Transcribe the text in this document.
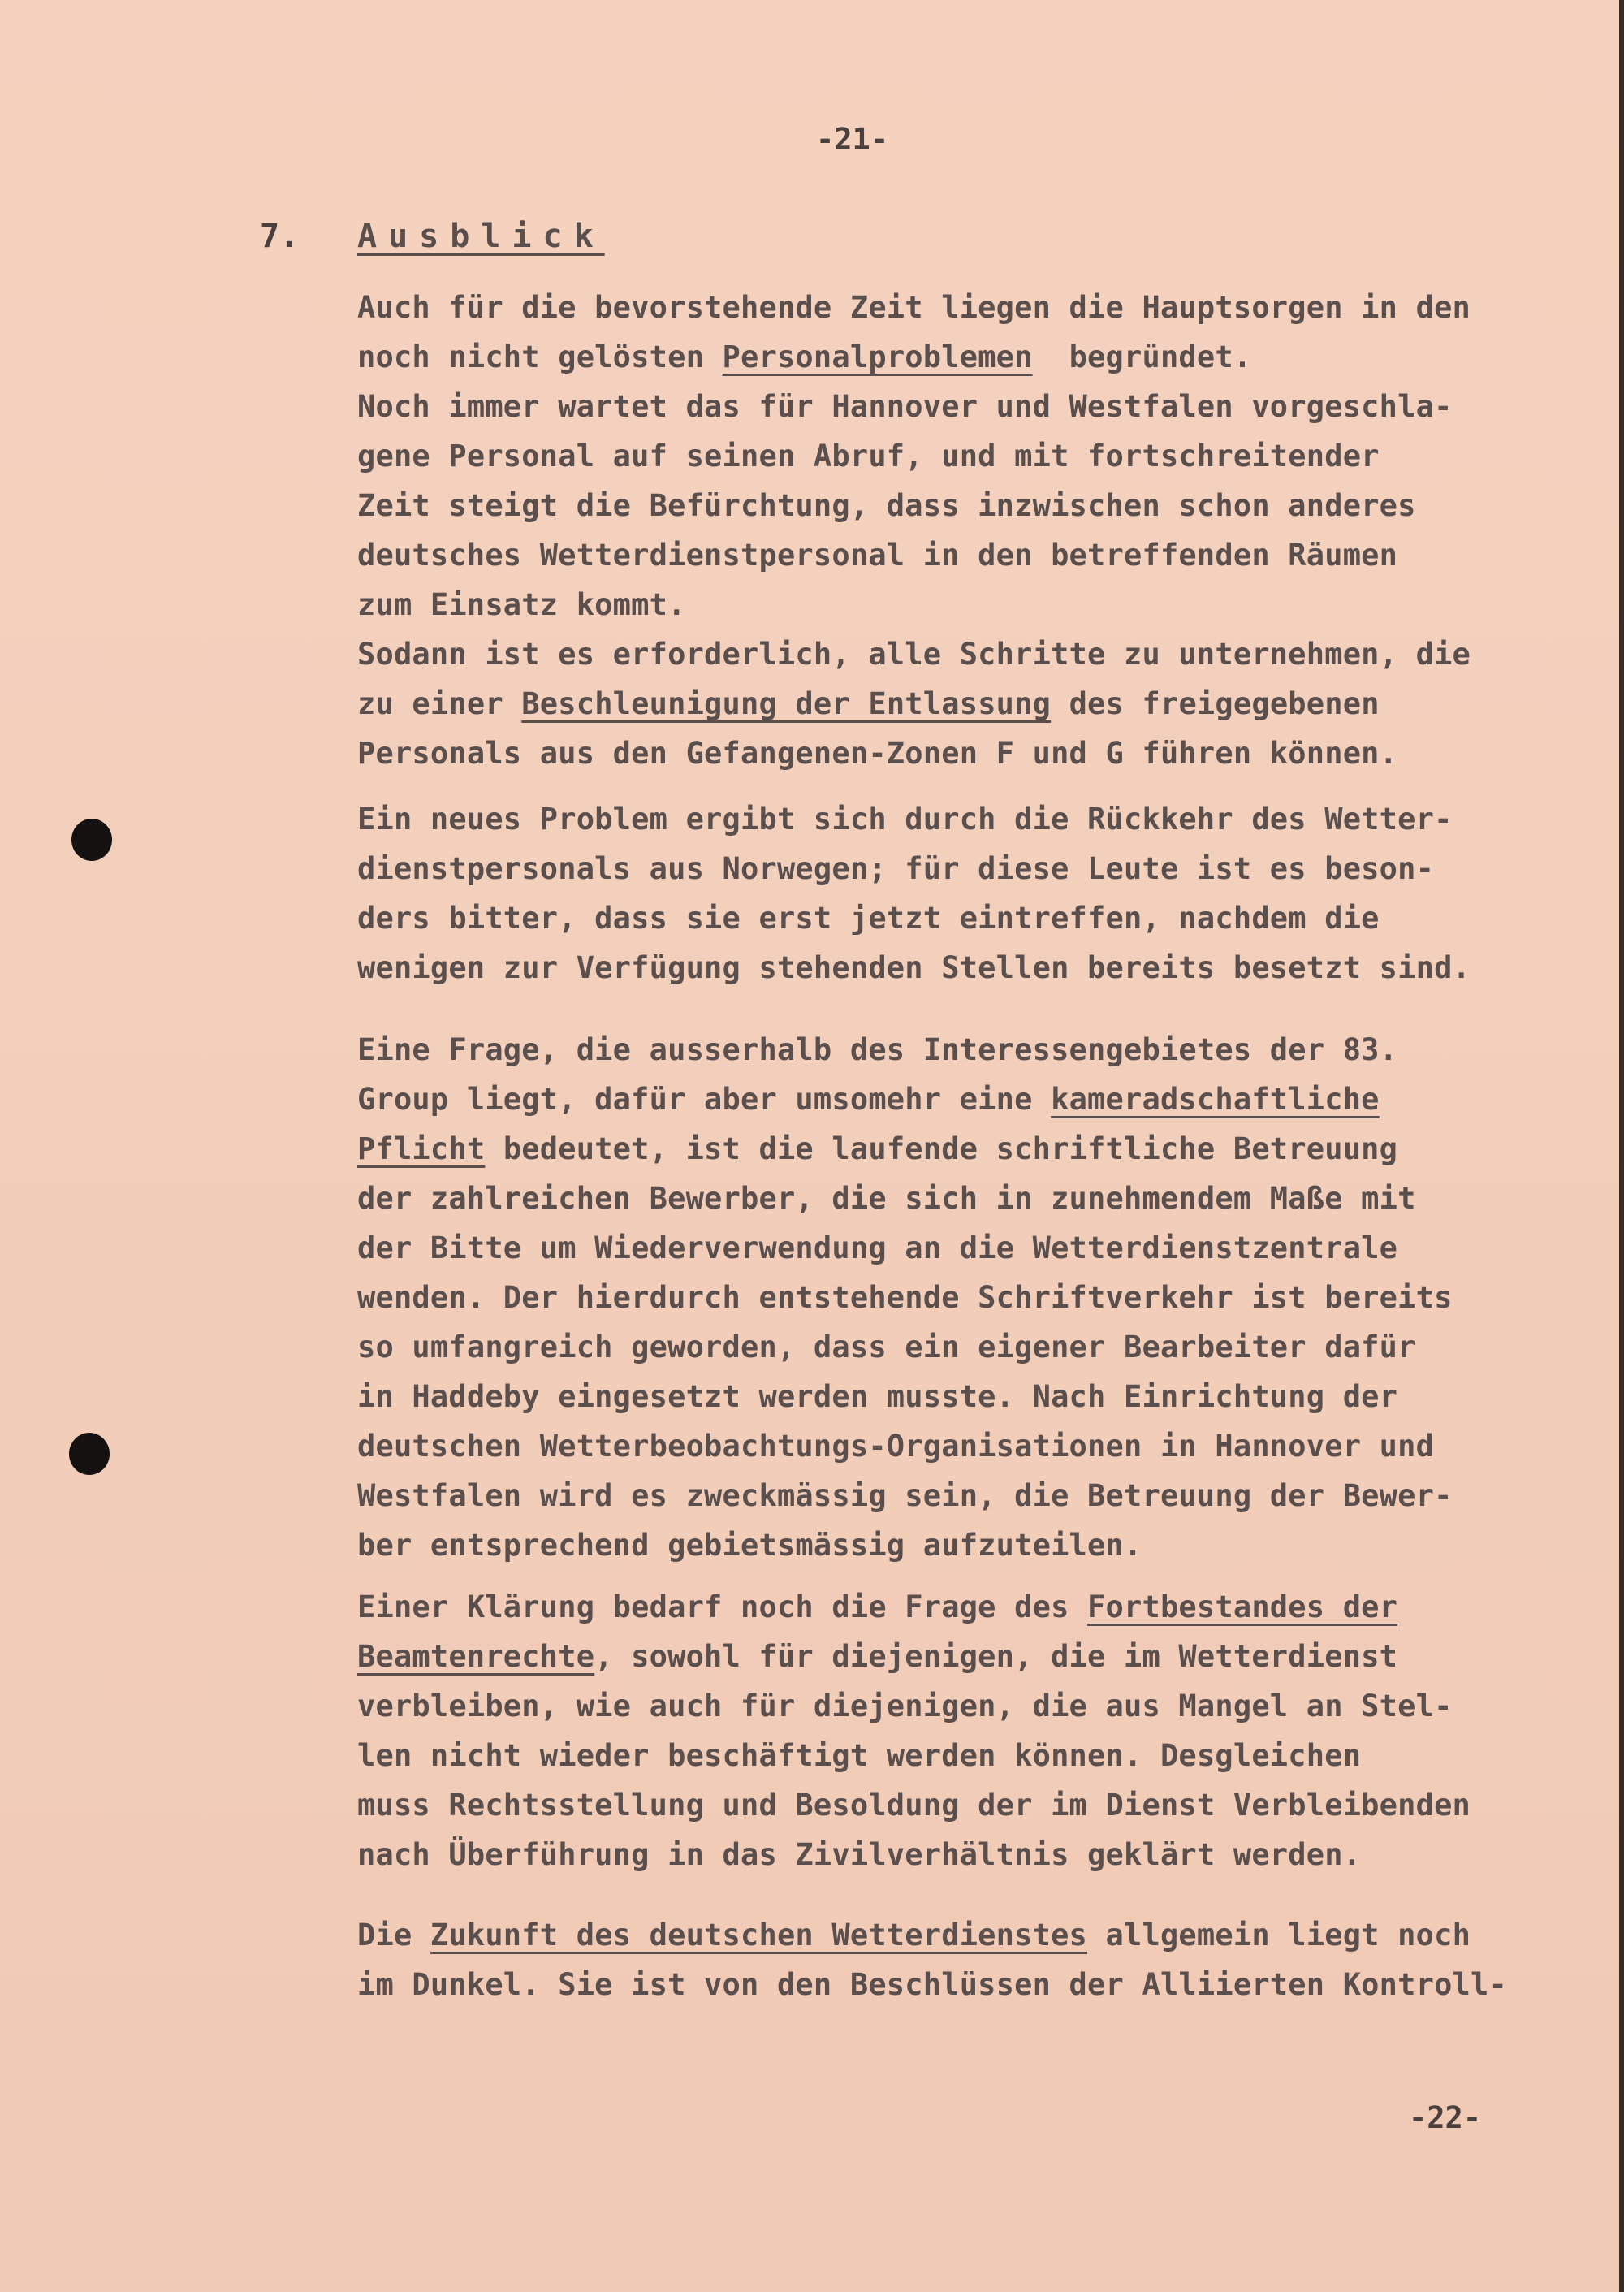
-21-
7. Ausblick
Auch für die bevorstehende Zeit liegen die Hauptsorgen in den
noch nicht gelösten Personalproblemen  begründet.
Noch immer wartet das für Hannover und Westfalen vorgeschla-
gene Personal auf seinen Abruf, und mit fortschreitender
Zeit steigt die Befürchtung, dass inzwischen schon anderes
deutsches Wetterdienstpersonal in den betreffenden Räumen
zum Einsatz kommt.
Sodann ist es erforderlich, alle Schritte zu unternehmen, die
zu einer Beschleunigung der Entlassung des freigegebenen
Personals aus den Gefangenen-Zonen F und G führen können.
Ein neues Problem ergibt sich durch die Rückkehr des Wetter-
dienstpersonals aus Norwegen; für diese Leute ist es beson-
ders bitter, dass sie erst jetzt eintreffen, nachdem die
wenigen zur Verfügung stehenden Stellen bereits besetzt sind.
Eine Frage, die ausserhalb des Interessengebietes der 83.
Group liegt, dafür aber umsomehr eine kameradschaftliche
Pflicht bedeutet, ist die laufende schriftliche Betreuung
der zahlreichen Bewerber, die sich in zunehmendem Maße mit
der Bitte um Wiederverwendung an die Wetterdienstzentrale
wenden. Der hierdurch entstehende Schriftverkehr ist bereits
so umfangreich geworden, dass ein eigener Bearbeiter dafür
in Haddeby eingesetzt werden musste. Nach Einrichtung der
deutschen Wetterbeobachtungs-Organisationen in Hannover und
Westfalen wird es zweckmässig sein, die Betreuung der Bewer-
ber entsprechend gebietsmässig aufzuteilen.
Einer Klärung bedarf noch die Frage des Fortbestandes der
Beamtenrechte, sowohl für diejenigen, die im Wetterdienst
verbleiben, wie auch für diejenigen, die aus Mangel an Stel-
len nicht wieder beschäftigt werden können. Desgleichen
muss Rechtsstellung und Besoldung der im Dienst Verbleibenden
nach Überführung in das Zivilverhältnis geklärt werden.
Die Zukunft des deutschen Wetterdienstes allgemein liegt noch
im Dunkel. Sie ist von den Beschlüssen der Alliierten Kontroll-
-22-
